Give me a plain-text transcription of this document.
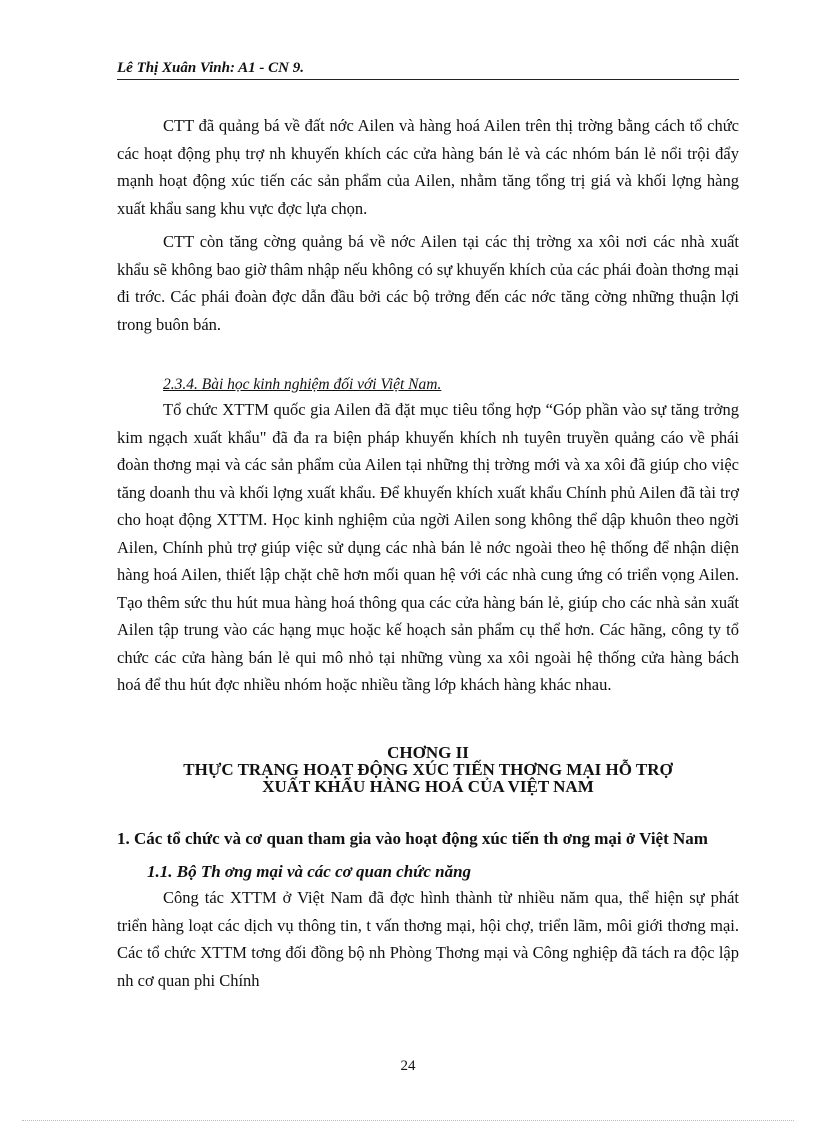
Lê Thị Xuân Vinh: A1 - CN 9.

CTT đã quảng bá về đất nớc Ailen và hàng hoá Ailen trên thị trờng bằng cách tổ chức các hoạt động phụ trợ nh khuyến khích các cửa hàng bán lẻ và các nhóm bán lẻ nổi trội đẩy mạnh hoạt động xúc tiến các sản phẩm của Ailen, nhằm tăng tổng trị giá và khối lợng hàng xuất khẩu sang khu vực đợc lựa chọn.

CTT còn tăng cờng quảng bá về nớc Ailen tại các thị trờng xa xôi nơi các nhà xuất khẩu sẽ không bao giờ thâm nhập nếu không có sự khuyến khích của các phái đoàn thơng mại đi trớc. Các phái đoàn đợc dẫn đầu bởi các bộ trởng đến các nớc tăng cờng những thuận lợi trong buôn bán.

2.3.4. Bài học kinh nghiệm đối với Việt Nam.

Tổ chức XTTM quốc gia Ailen đã đặt mục tiêu tổng hợp “Góp phần vào sự tăng trởng kim ngạch xuất khẩu" đã đa ra biện pháp khuyến khích nh tuyên truyền quảng cáo về phái đoàn thơng mại và các sản phẩm của Ailen tại những thị trờng mới và xa xôi đã giúp cho việc tăng doanh thu và khối lợng xuất khẩu. Để khuyến khích xuất khẩu Chính phủ Ailen đã tài trợ cho hoạt động XTTM. Học kinh nghiệm của ngời Ailen song không thể dập khuôn theo ngời Ailen, Chính phủ trợ giúp việc sử dụng các nhà bán lẻ nớc ngoài theo hệ thống để nhận diện hàng hoá Ailen, thiết lập chặt chẽ hơn mối quan hệ với các nhà cung ứng có triển vọng Ailen. Tạo thêm sức thu hút mua hàng hoá thông qua các cửa hàng bán lẻ, giúp cho các nhà sản xuất Ailen tập trung vào các hạng mục hoặc kế hoạch sản phẩm cụ thể hơn. Các hãng, công ty tổ chức các cửa hàng bán lẻ qui mô nhỏ tại những vùng xa xôi ngoài hệ thống cửa hàng bách hoá để thu hút đợc nhiều nhóm hoặc nhiều tầng lớp khách hàng khác nhau.

CHƠNG II
THỰC TRẠNG HOẠT ĐỘNG XÚC TIẾN THƠNG MẠI HỖ TRỢ
XUẤT KHẨU HÀNG HOÁ CỦA VIỆT NAM
1. Các tổ chức và cơ quan tham gia vào hoạt động xúc tiến th ơng mại ở Việt Nam
1.1. Bộ Th ơng mại và các cơ quan chức năng

Công tác XTTM ở Việt Nam đã đợc hình thành từ nhiều năm qua, thể hiện sự phát triển hàng loạt các dịch vụ thông tin, t vấn thơng mại, hội chợ, triển lãm, môi giới thơng mại. Các tổ chức XTTM tơng đối đồng bộ nh Phòng Thơng mại và Công nghiệp đã tách ra độc lập nh cơ quan phi Chính

24
